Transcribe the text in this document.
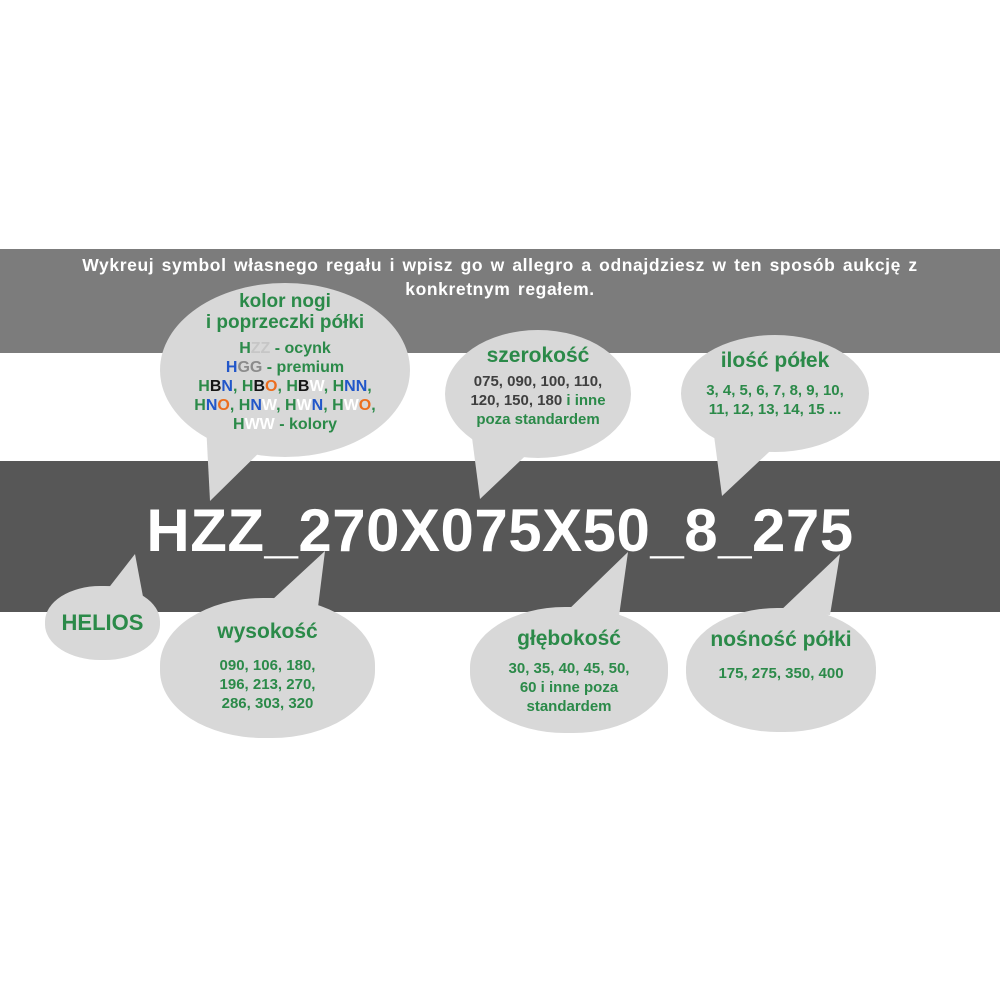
Wykreuj symbol własnego regału i wpisz go w allegro a odnajdziesz w ten sposób aukcję z
konkretnym regałem.
HZZ_270X075X50_8_275
kolor nogi
i poprzeczki półki
HZZ - ocynk
HGG - premium
HBN, HBO, HBW, HNN,
HNO, HNW, HWN, HWO,
HWW - kolory
szerokość
075, 090, 100, 110,
120, 150, 180 i inne
poza standardem
ilość półek
3, 4, 5, 6, 7, 8, 9, 10,
11, 12, 13, 14, 15 ...
HELIOS	wysokość
090, 106, 180,
196, 213, 270,
286, 303, 320
głębokość
30, 35, 40, 45, 50,
60 i inne poza
standardem
nośność półki
175, 275, 350, 400
